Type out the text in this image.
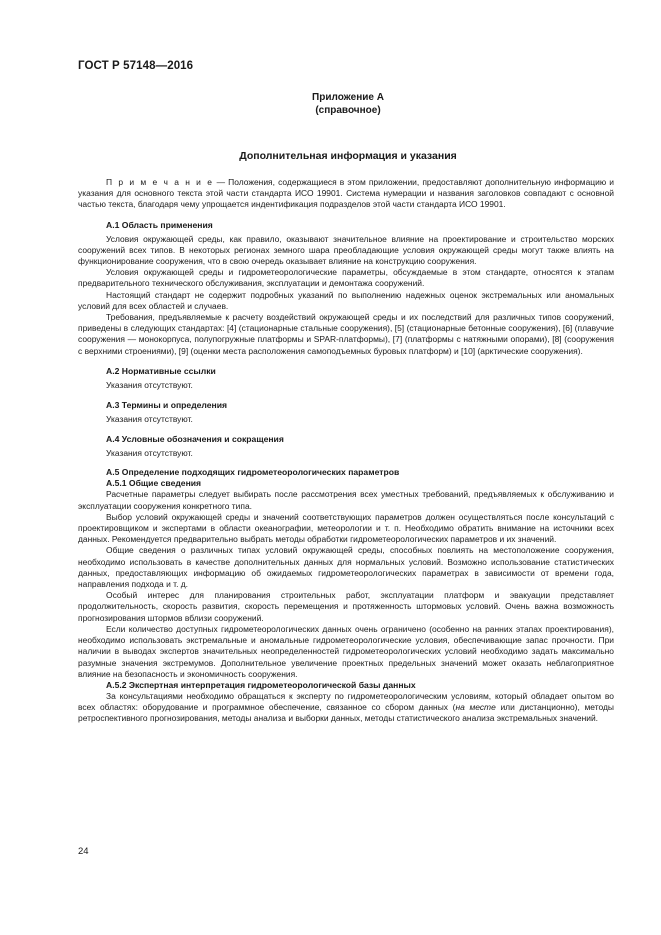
ГОСТ Р 57148—2016
Приложение А
(справочное)
Дополнительная информация и указания

П р и м е ч а н и е — Положения, содержащиеся в этом приложении, предоставляют дополнительную информацию и указания для основного текста этой части стандарта ИСО 19901. Система нумерации и названия заголовков совпадают с основной частью текста, благодаря чему упрощается индентификация подразделов этой части стандарта ИСО 19901.

А.1 Область применения

Условия окружающей среды, как правило, оказывают значительное влияние на проектирование и строительство морских сооружений всех типов. В некоторых регионах земного шара преобладающие условия окружающей среды могут также влиять на функционирование сооружения, что в свою очередь оказывает влияние на конструкцию сооружения.

Условия окружающей среды и гидрометеорологические параметры, обсуждаемые в этом стандарте, относятся к этапам предварительного технического обслуживания, эксплуатации и демонтажа сооружений.

Настоящий стандарт не содержит подробных указаний по выполнению надежных оценок экстремальных или аномальных условий для всех областей и случаев.

Требования, предъявляемые к расчету воздействий окружающей среды и их последствий для различных типов сооружений, приведены в следующих стандартах: [4] (стационарные стальные сооружения), [5] (стационарные бетонные сооружения), [6] (плавучие сооружения — монокорпуса, полупогружные платформы и SPAR-платформы), [7] (платформы с натяжными опорами), [8] (сооружения с верхними строениями), [9] (оценки места расположения самоподъемных буровых платформ) и [10] (арктические сооружения).

А.2 Нормативные ссылки

Указания отсутствуют.

А.3 Термины и определения

Указания отсутствуют.

А.4 Условные обозначения и сокращения

Указания отсутствуют.

А.5 Определение подходящих гидрометеорологических параметров
А.5.1 Общие сведения

Расчетные параметры следует выбирать после рассмотрения всех уместных требований, предъявляемых к обслуживанию и эксплуатации сооружения конкретного типа.

Выбор условий окружающей среды и значений соответствующих параметров должен осуществляться после консультаций с проектировщиком и экспертами в области океанографии, метеорологии и т. п. Необходимо обратить внимание на источники всех данных. Рекомендуется предварительно выбрать методы обработки гидрометеорологических параметров и их значений.

Общие сведения о различных типах условий окружающей среды, способных повлиять на местоположение сооружения, необходимо использовать в качестве дополнительных данных для нормальных условий. Возможно использование статистических данных, предоставляющих информацию об ожидаемых гидрометеорологических параметрах в зависимости от времени года, направления подхода и т. д.

Особый интерес для планирования строительных работ, эксплуатации платформ и эвакуации представляет продолжительность, скорость развития, скорость перемещения и протяженность штормовых условий. Очень важна возможность прогнозирования штормов вблизи сооружений.

Если количество доступных гидрометеорологических данных очень ограничено (особенно на ранних этапах проектирования), необходимо использовать экстремальные и аномальные гидрометеорологические условия, обеспечивающие запас прочности. При наличии в выводах экспертов значительных неопределенностей гидрометеорологических условий необходимо задать максимально разумные значения экстремумов. Дополнительное увеличение проектных предельных значений может оказать неблагоприятное влияние на безопасность и экономичность сооружения.

А.5.2 Экспертная интерпретация гидрометеорологической базы данных

За консультациями необходимо обращаться к эксперту по гидрометеорологическим условиям, который обладает опытом во всех областях: оборудование и программное обеспечение, связанное со сбором данных (на месте или дистанционно), методы ретроспективного прогнозирования, методы анализа и выборки данных, методы статистического анализа экстремальных значений.

24
